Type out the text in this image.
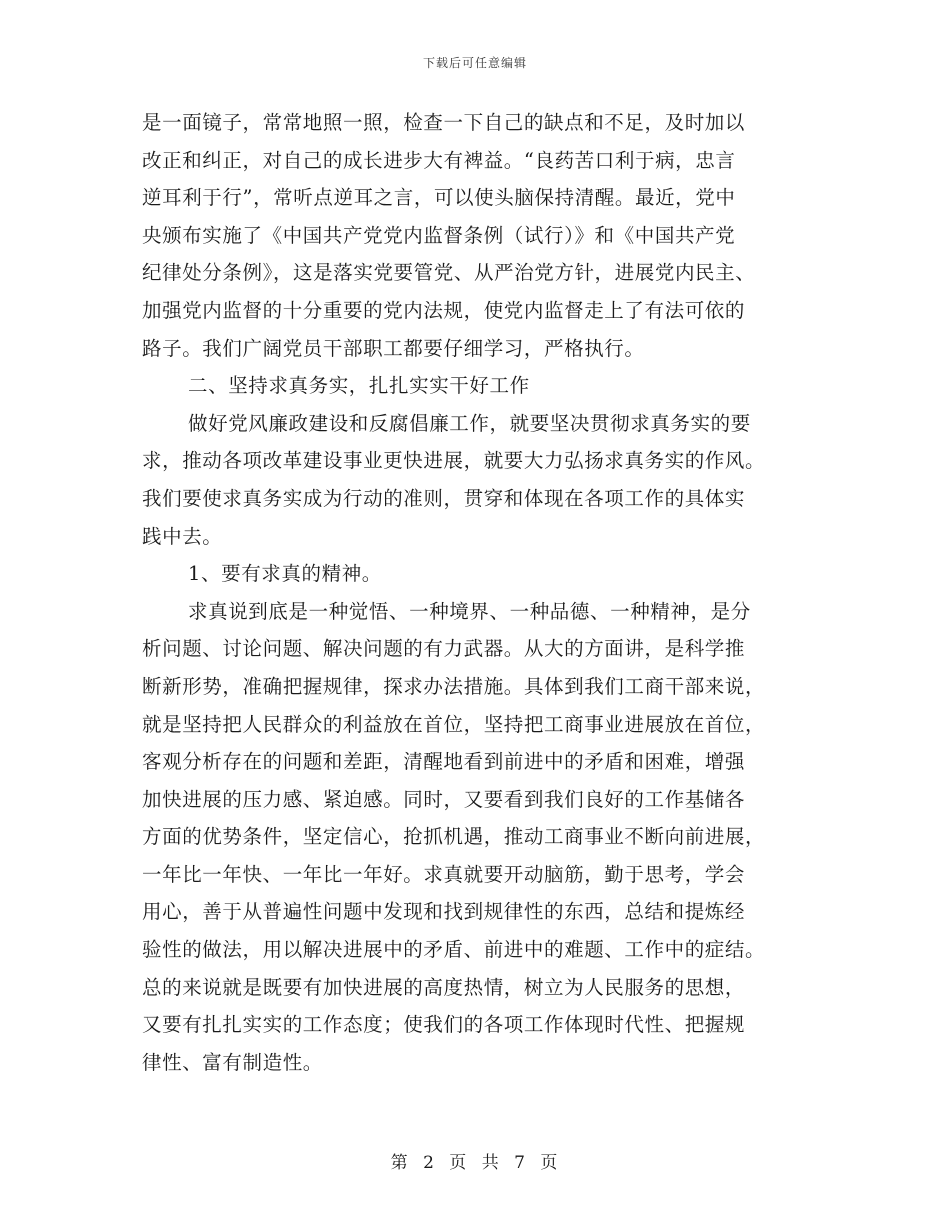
下载后可任意编辑
是一面镜子，常常地照一照，检查一下自己的缺点和不足，及时加以
改正和纠正，对自己的成长进步大有裨益。“良药苦口利于病，忠言
逆耳利于行”，常听点逆耳之言，可以使头脑保持清醒。最近，党中
央颁布实施了《中国共产党党内监督条例（试行）》和《中国共产党
纪律处分条例》，这是落实党要管党、从严治党方针，进展党内民主、
加强党内监督的十分重要的党内法规，使党内监督走上了有法可依的
路子。我们广阔党员干部职工都要仔细学习，严格执行。
二、坚持求真务实，扎扎实实干好工作
做好党风廉政建设和反腐倡廉工作，就要坚决贯彻求真务实的要
求，推动各项改革建设事业更快进展，就要大力弘扬求真务实的作风。
我们要使求真务实成为行动的准则，贯穿和体现在各项工作的具体实
践中去。
1、要有求真的精神。
求真说到底是一种觉悟、一种境界、一种品德、一种精神，是分
析问题、讨论问题、解决问题的有力武器。从大的方面讲，是科学推
断新形势，准确把握规律，探求办法措施。具体到我们工商干部来说，
就是坚持把人民群众的利益放在首位，坚持把工商事业进展放在首位，
客观分析存在的问题和差距，清醒地看到前进中的矛盾和困难，增强
加快进展的压力感、紧迫感。同时，又要看到我们良好的工作基储各
方面的优势条件，坚定信心，抢抓机遇，推动工商事业不断向前进展，
一年比一年快、一年比一年好。求真就要开动脑筋，勤于思考，学会
用心，善于从普遍性问题中发现和找到规律性的东西，总结和提炼经
验性的做法，用以解决进展中的矛盾、前进中的难题、工作中的症结。
总的来说就是既要有加快进展的高度热情，树立为人民服务的思想，
又要有扎扎实实的工作态度；使我们的各项工作体现时代性、把握规
律性、富有制造性。
第 2 页 共 7 页
